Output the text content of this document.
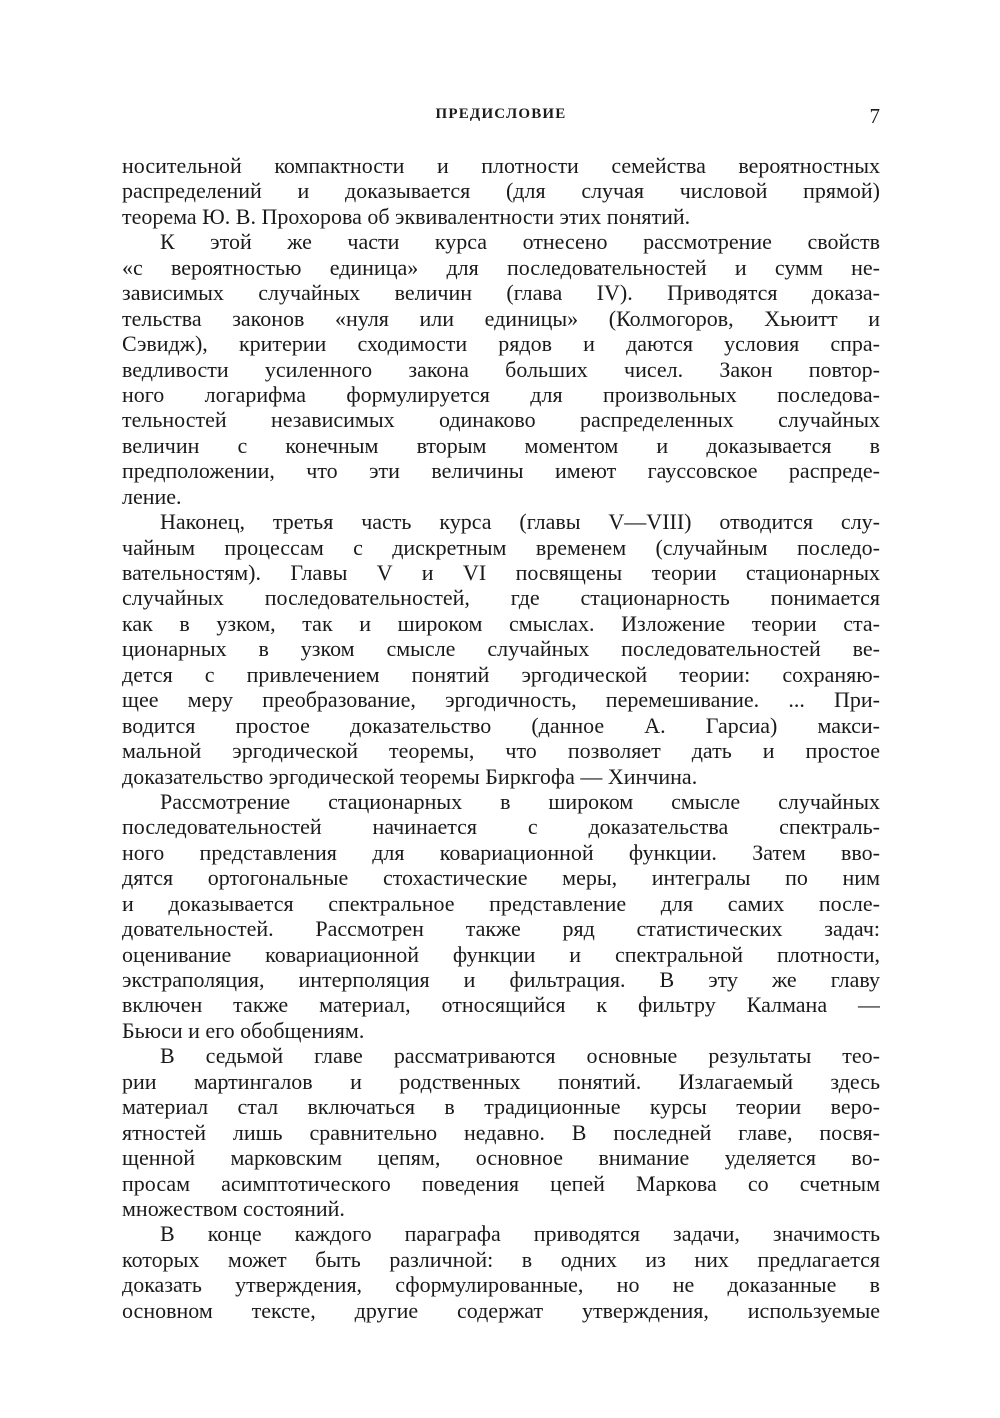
ПРЕДИСЛОВИЕ	7
носительной компактности и плотности семейства вероятностных
распределений и доказывается (для случая числовой прямой)
теорема Ю. В. Прохорова об эквивалентности этих понятий.
К этой же части курса отнесено рассмотрение свойств
«с вероятностью единица» для последовательностей и сумм не-
зависимых случайных величин (глава IV). Приводятся доказа-
тельства законов «нуля или единицы» (Колмогоров, Хьюитт и
Сэвидж), критерии сходимости рядов и даются условия спра-
ведливости усиленного закона больших чисел. Закон повтор-
ного логарифма формулируется для произвольных последова-
тельностей независимых одинаково распределенных случайных
величин с конечным вторым моментом и доказывается в
предположении, что эти величины имеют гауссовское распреде-
ление.
Наконец, третья часть курса (главы V—VIII) отводится слу-
чайным процессам с дискретным временем (случайным последо-
вательностям). Главы V и VI посвящены теории стационарных
случайных последовательностей, где стационарность понимается
как в узком, так и широком смыслах. Изложение теории ста-
ционарных в узком смысле случайных последовательностей ве-
дется с привлечением понятий эргодической теории: сохраняю-
щее меру преобразование, эргодичность, перемешивание. ... При-
водится простое доказательство (данное А. Гарсиа) макси-
мальной эргодической теоремы, что позволяет дать и простое
доказательство эргодической теоремы Биркгофа — Хинчина.
Рассмотрение стационарных в широком смысле случайных
последовательностей начинается с доказательства спектраль-
ного представления для ковариационной функции. Затем вво-
дятся ортогональные стохастические меры, интегралы по ним
и доказывается спектральное представление для самих после-
довательностей. Рассмотрен также ряд статистических задач:
оценивание ковариационной функции и спектральной плотности,
экстраполяция, интерполяция и фильтрация. В эту же главу
включен также материал, относящийся к фильтру Калмана —
Бьюси и его обобщениям.
В седьмой главе рассматриваются основные результаты тео-
рии мартингалов и родственных понятий. Излагаемый здесь
материал стал включаться в традиционные курсы теории веро-
ятностей лишь сравнительно недавно. В последней главе, посвя-
щенной марковским цепям, основное внимание уделяется во-
просам асимптотического поведения цепей Маркова со счетным
множеством состояний.
В конце каждого параграфа приводятся задачи, значимость
которых может быть различной: в одних из них предлагается
доказать утверждения, сформулированные, но не доказанные в
основном тексте, другие содержат утверждения, используемые
